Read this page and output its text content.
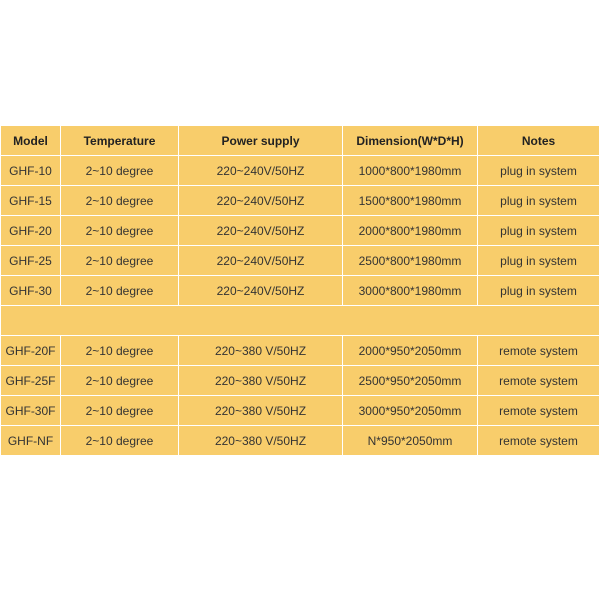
Model	Temperature	Power supply	Dimension(W*D*H)	Notes
GHF-10	2~10 degree	220~240V/50HZ	1000*800*1980mm	plug in system
GHF-15	2~10 degree	220~240V/50HZ	1500*800*1980mm	plug in system
GHF-20	2~10 degree	220~240V/50HZ	2000*800*1980mm	plug in system
GHF-25	2~10 degree	220~240V/50HZ	2500*800*1980mm	plug in system
GHF-30	2~10 degree	220~240V/50HZ	3000*800*1980mm	plug in system

GHF-20F	2~10 degree	220~380 V/50HZ	2000*950*2050mm	remote system
GHF-25F	2~10 degree	220~380 V/50HZ	2500*950*2050mm	remote system
GHF-30F	2~10 degree	220~380 V/50HZ	3000*950*2050mm	remote system
GHF-NF	2~10 degree	220~380 V/50HZ	N*950*2050mm	remote system
